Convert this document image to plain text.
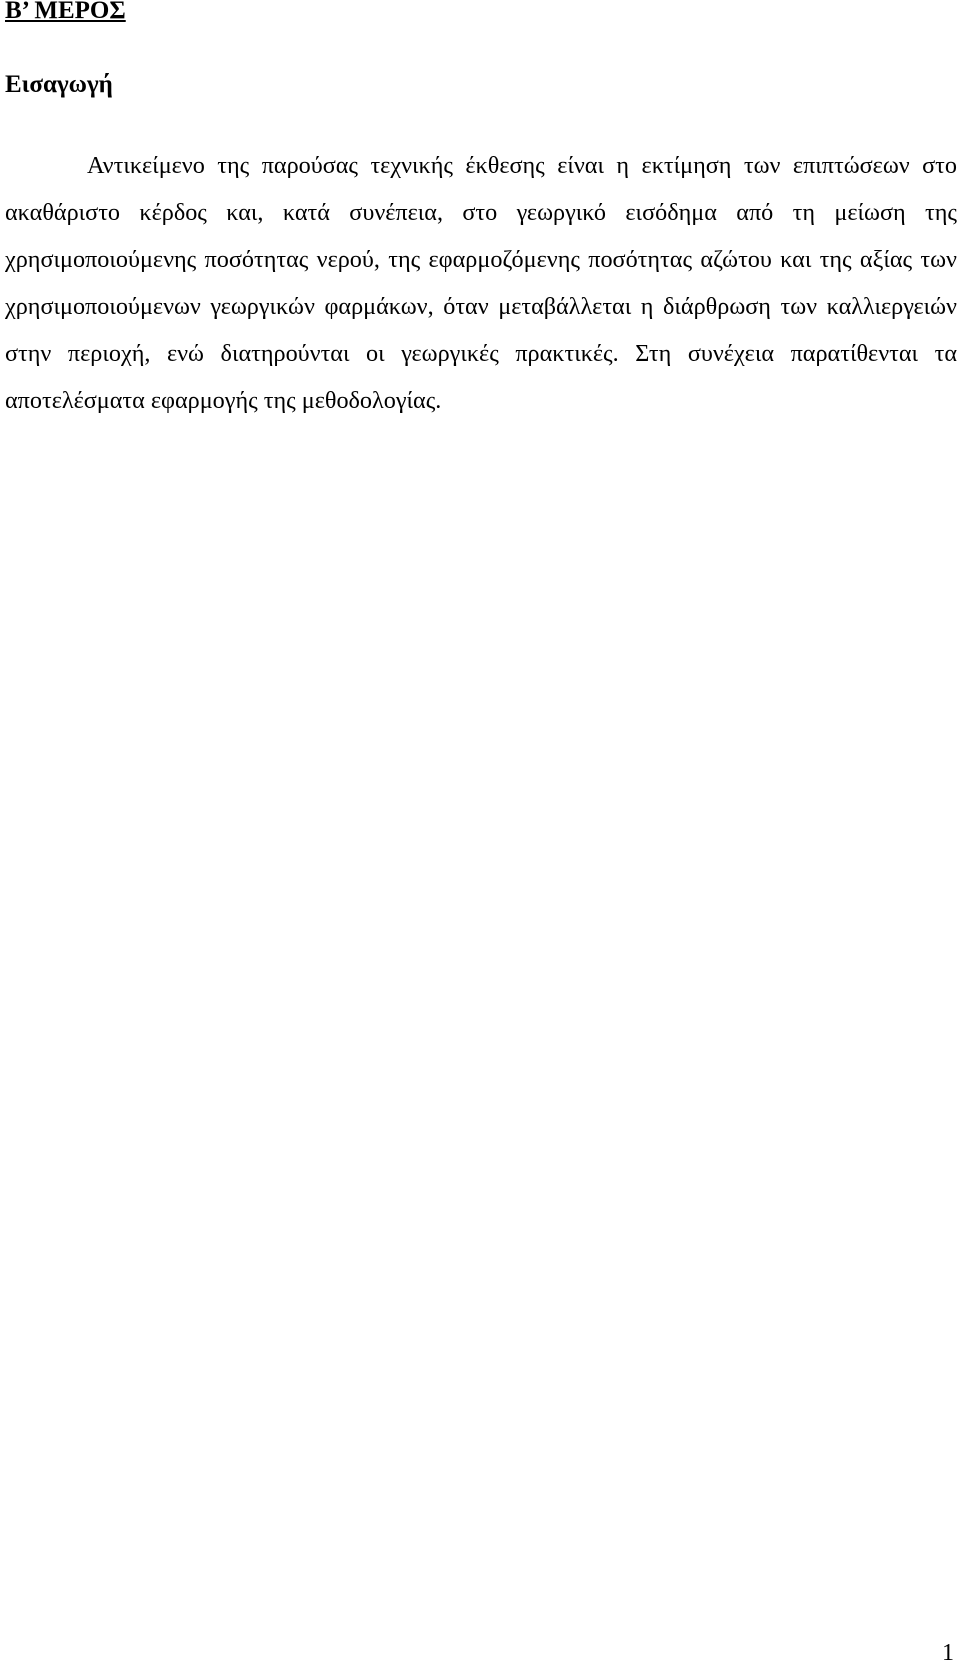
Β’ ΜΕΡΟΣ
Εισαγωγή

Αντικείμενο της παρούσας τεχνικής έκθεσης είναι η εκτίμηση των επιπτώσεων στο ακαθάριστο κέρδος και, κατά συνέπεια, στο γεωργικό εισόδημα από τη μείωση της χρησιμοποιούμενης ποσότητας νερού, της εφαρμοζόμενης ποσότητας αζώτου και της αξίας των χρησιμοποιούμενων γεωργικών φαρμάκων, όταν μεταβάλλεται η διάρθρωση των καλλιεργειών στην περιοχή, ενώ διατηρούνται οι γεωργικές πρακτικές. Στη συνέχεια παρατίθενται τα αποτελέσματα εφαρμογής της μεθοδολογίας.

1
